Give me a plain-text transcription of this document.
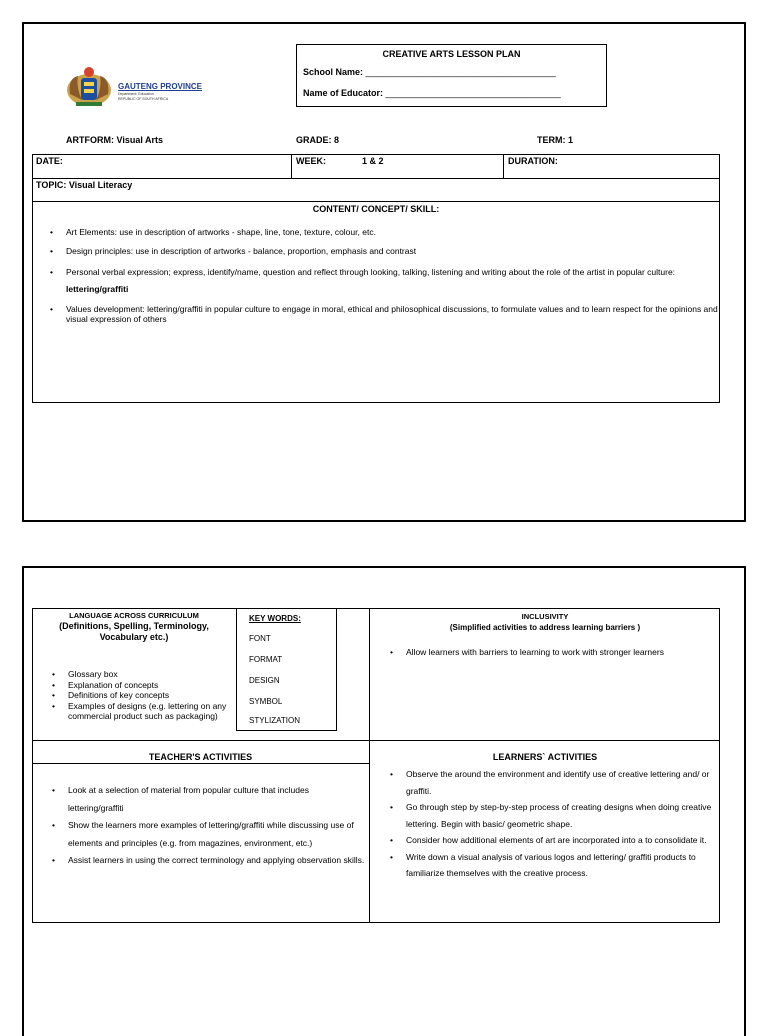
GAUTENG PROVINCE
Department: Education
REPUBLIC OF SOUTH AFRICA
CREATIVE ARTS LESSON PLAN
School Name: ______________________________________
Name of Educator: ___________________________________
ARTFORM: Visual Arts	GRADE: 8	TERM: 1
DATE:	WEEK:	1 & 2	DURATION:
TOPIC: Visual Literacy
CONTENT/ CONCEPT/ SKILL:
• Art Elements: use in description of artworks - shape, line, tone, texture, colour, etc.
• Design principles: use in description of artworks - balance, proportion, emphasis and contrast
• Personal verbal expression; express, identify/name, question and reflect through looking, talking, listening and writing about the role of the artist in popular culture: lettering/graffiti
• Values development: lettering/graffiti in popular culture to engage in moral, ethical and philosophical discussions, to formulate values and to learn respect for the opinions and visual expression of others
LANGUAGE ACROSS CURRICULUM
(Definitions, Spelling, Terminology, Vocabulary etc.)
• Glossary box
• Explanation of concepts
• Definitions of key concepts
• Examples of designs (e.g. lettering on any commercial product such as packaging)
KEY WORDS:
FONT
FORMAT
DESIGN
SYMBOL
STYLIZATION
INCLUSIVITY
(Simplified activities to address learning barriers )
• Allow learners with barriers to learning to work with stronger learners
TEACHER'S ACTIVITIES
• Look at a selection of material from popular culture that includes lettering/graffiti
• Show the learners more examples of lettering/graffiti while discussing use of elements and principles (e.g. from magazines, environment, etc.)
• Assist learners in using the correct terminology and applying observation skills.
LEARNERS` ACTIVITIES
• Observe the around the environment and identify use of creative lettering and/ or graffiti.
• Go through step by step-by-step process of creating designs when doing creative lettering. Begin with basic/ geometric shape.
• Consider how additional elements of art are incorporated into a to consolidate it.
• Write down a visual analysis of various logos and lettering/ graffiti products to familiarize themselves with the creative process.
